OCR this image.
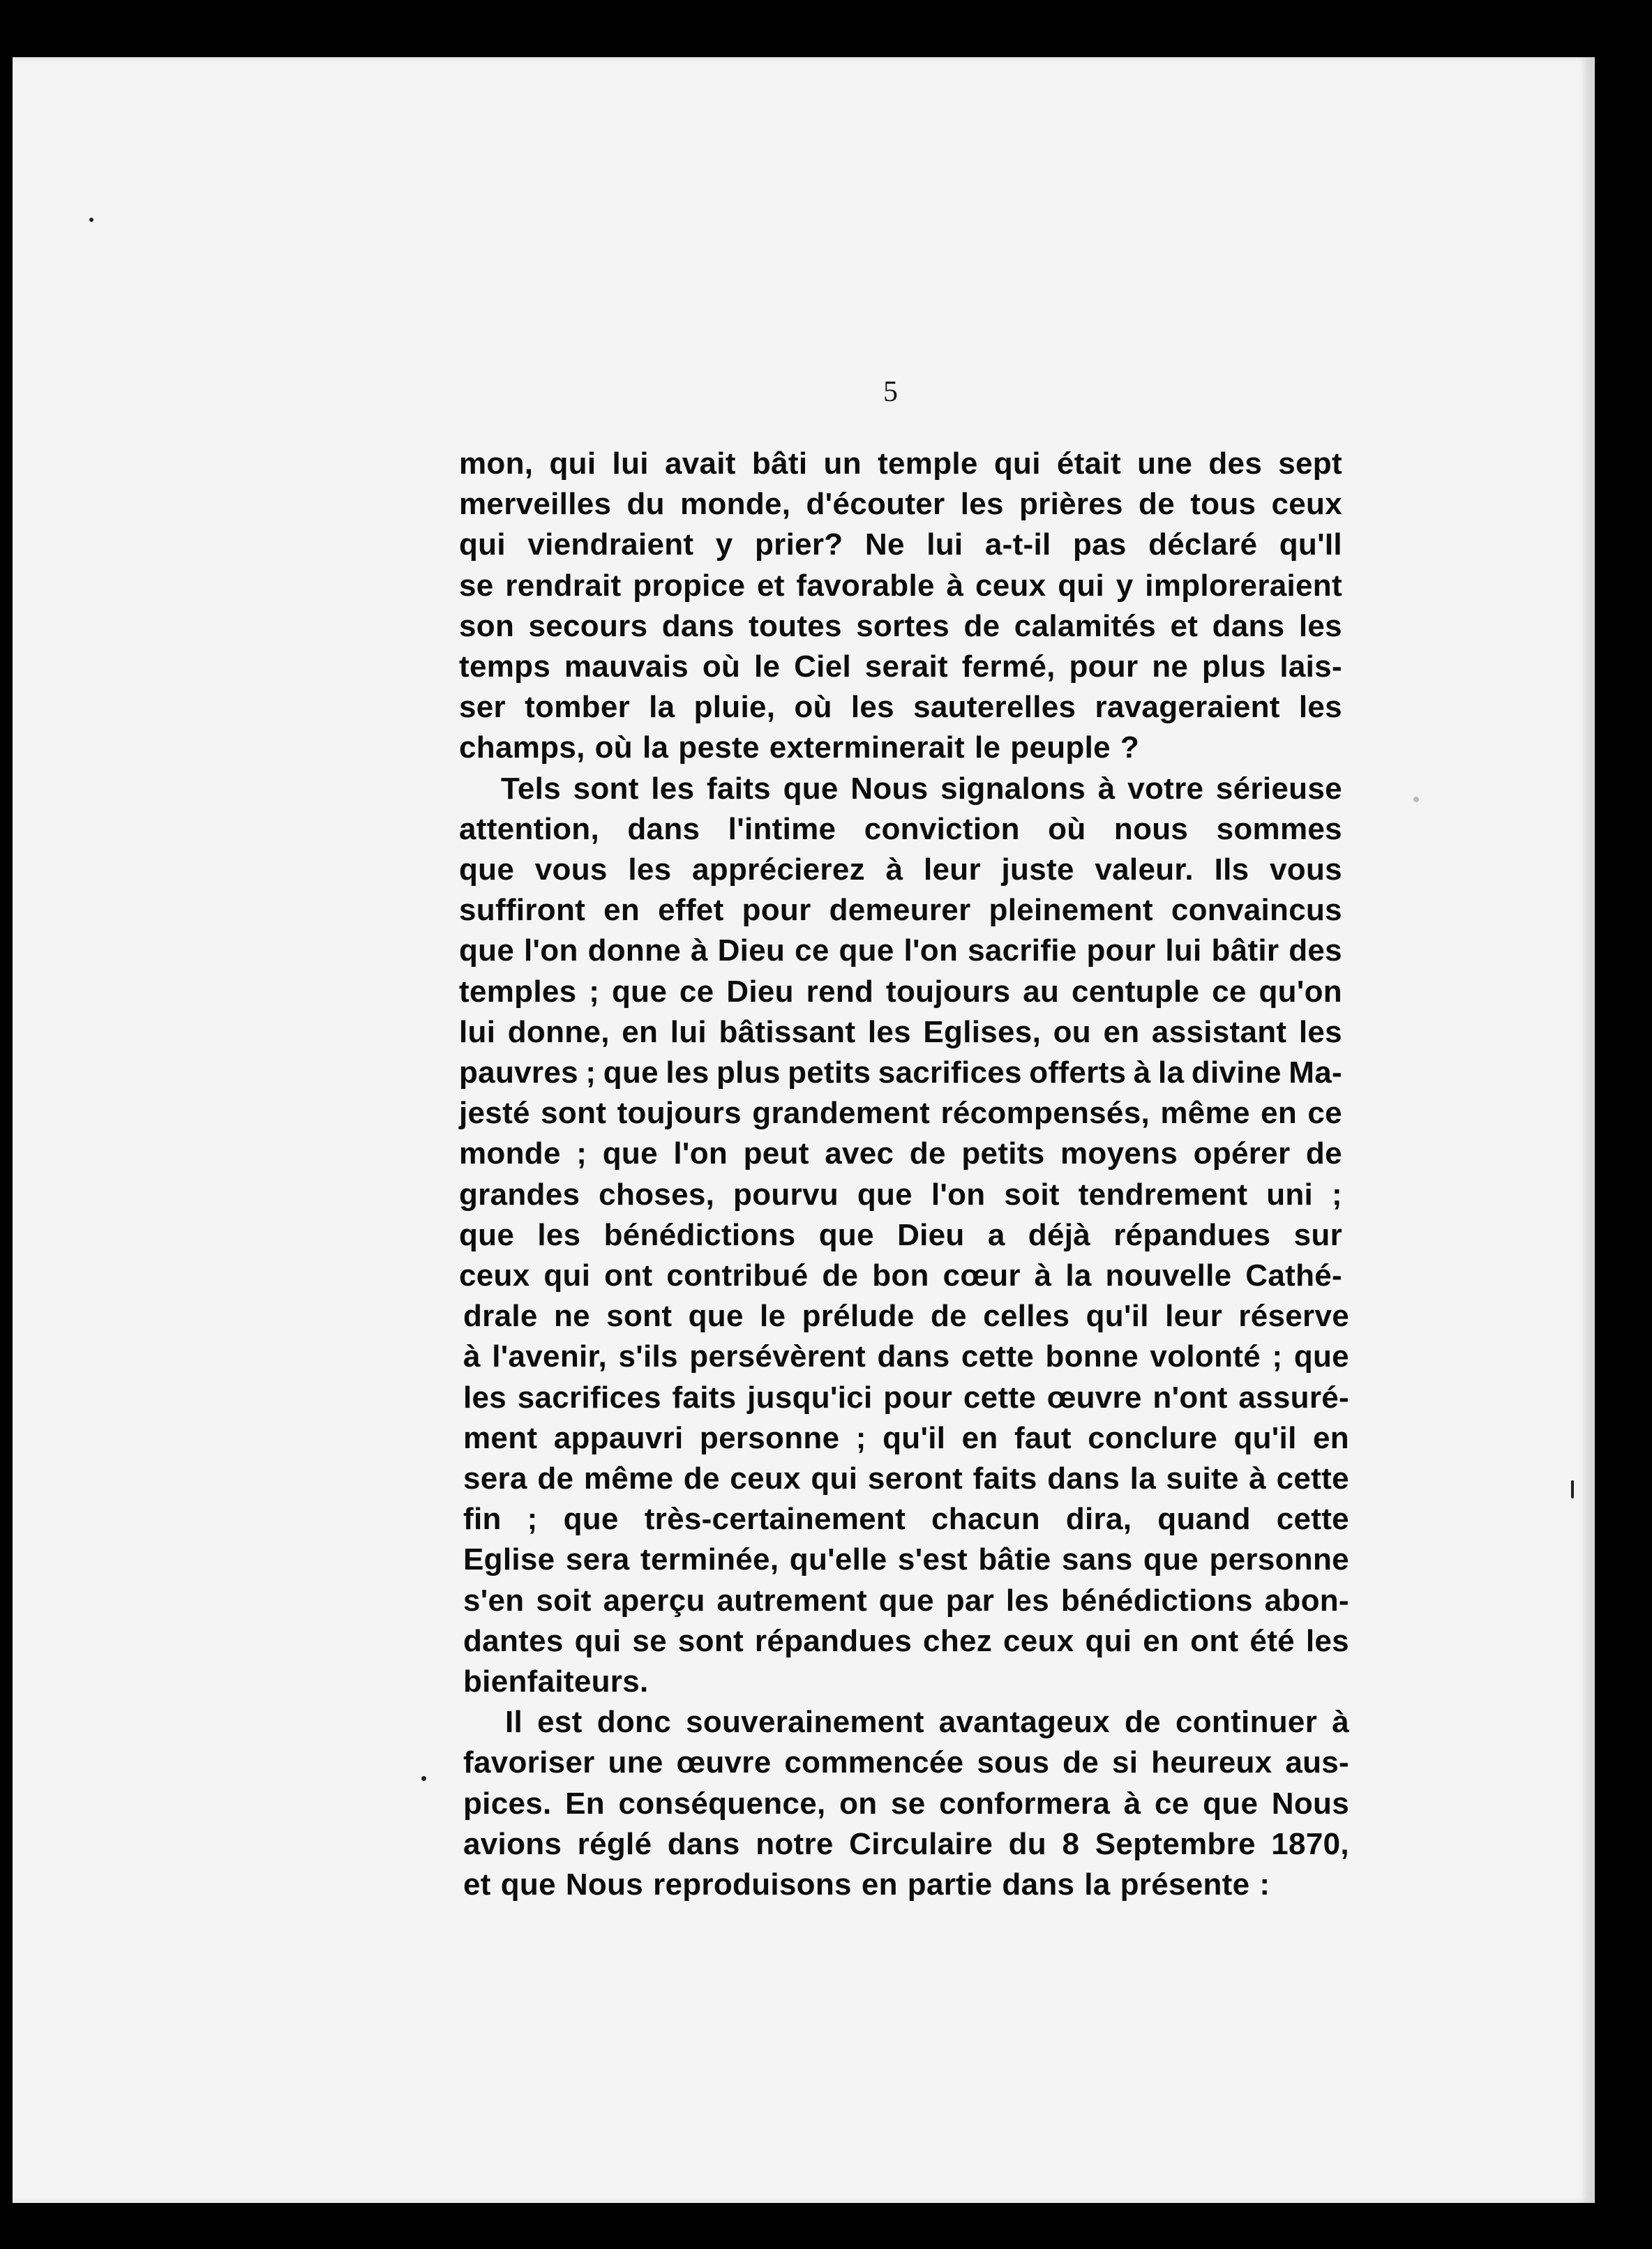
5
mon, qui lui avait bâti un temple qui était une des sept
merveilles du monde, d'écouter les prières de tous ceux
qui viendraient y prier? Ne lui a-t-il pas déclaré qu'Il
se rendrait propice et favorable à ceux qui y imploreraient
son secours dans toutes sortes de calamités et dans les
temps mauvais où le Ciel serait fermé, pour ne plus lais-
ser tomber la pluie, où les sauterelles ravageraient les
champs, où la peste exterminerait le peuple ?
Tels sont les faits que Nous signalons à votre sérieuse
attention, dans l'intime conviction où nous sommes
que vous les apprécierez à leur juste valeur. Ils vous
suffiront en effet pour demeurer pleinement convaincus
que l'on donne à Dieu ce que l'on sacrifie pour lui bâtir des
temples ; que ce Dieu rend toujours au centuple ce qu'on
lui donne, en lui bâtissant les Eglises, ou en assistant les
pauvres ; que les plus petits sacrifices offerts à la divine Ma-
jesté sont toujours grandement récompensés, même en ce
monde ; que l'on peut avec de petits moyens opérer de
grandes choses, pourvu que l'on soit tendrement uni ;
que les bénédictions que Dieu a déjà répandues sur
ceux qui ont contribué de bon cœur à la nouvelle Cathé-
drale ne sont que le prélude de celles qu'il leur réserve
à l'avenir, s'ils persévèrent dans cette bonne volonté ; que
les sacrifices faits jusqu'ici pour cette œuvre n'ont assuré-
ment appauvri personne ; qu'il en faut conclure qu'il en
sera de même de ceux qui seront faits dans la suite à cette
fin ; que très-certainement chacun dira, quand cette
Eglise sera terminée, qu'elle s'est bâtie sans que personne
s'en soit aperçu autrement que par les bénédictions abon-
dantes qui se sont répandues chez ceux qui en ont été les
bienfaiteurs.
Il est donc souverainement avantageux de continuer à
favoriser une œuvre commencée sous de si heureux aus-
pices. En conséquence, on se conformera à ce que Nous
avions réglé dans notre Circulaire du 8 Septembre 1870,
et que Nous reproduisons en partie dans la présente :
